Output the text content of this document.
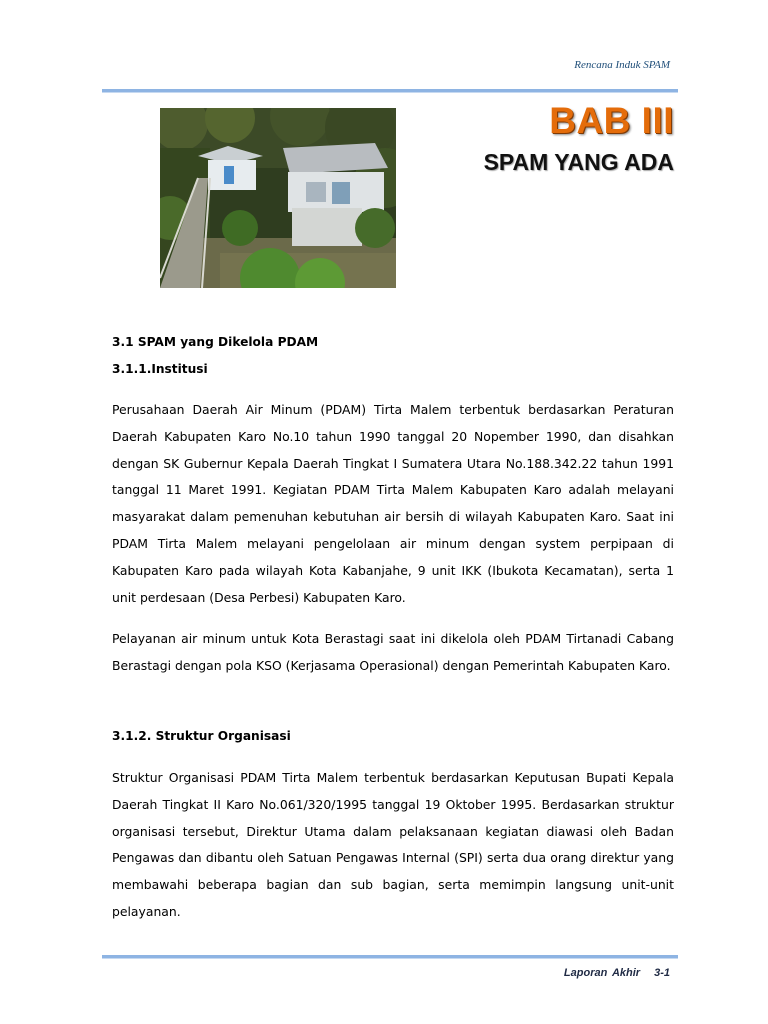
Rencana Induk SPAM
BAB III
SPAM YANG ADA
3.1 SPAM yang Dikelola PDAM
3.1.1.Institusi

Perusahaan Daerah Air Minum (PDAM) Tirta Malem terbentuk berdasarkan Peraturan Daerah Kabupaten Karo No.10 tahun 1990 tanggal 20 Nopember 1990, dan disahkan dengan SK Gubernur Kepala Daerah Tingkat I Sumatera Utara No.188.342.22 tahun 1991 tanggal 11 Maret 1991. Kegiatan PDAM Tirta Malem Kabupaten Karo adalah melayani masyarakat dalam pemenuhan kebutuhan air bersih di wilayah Kabupaten Karo. Saat ini PDAM Tirta Malem melayani pengelolaan air minum dengan system perpipaan di Kabupaten Karo pada wilayah Kota Kabanjahe, 9 unit IKK (Ibukota Kecamatan), serta 1 unit perdesaan (Desa Perbesi) Kabupaten Karo.

Pelayanan air minum untuk Kota Berastagi saat ini dikelola oleh PDAM Tirtanadi Cabang Berastagi dengan pola KSO (Kerjasama Operasional) dengan Pemerintah Kabupaten Karo.

3.1.2. Struktur Organisasi

Struktur Organisasi PDAM Tirta Malem terbentuk berdasarkan Keputusan Bupati Kepala Daerah Tingkat II Karo No.061/320/1995 tanggal 19 Oktober 1995. Berdasarkan struktur organisasi tersebut, Direktur Utama dalam pelaksanaan kegiatan diawasi oleh Badan Pengawas dan dibantu oleh Satuan Pengawas Internal (SPI) serta dua orang direktur yang membawahi beberapa bagian dan sub bagian, serta memimpin langsung unit-unit pelayanan.

Laporan Akhir 3-1
